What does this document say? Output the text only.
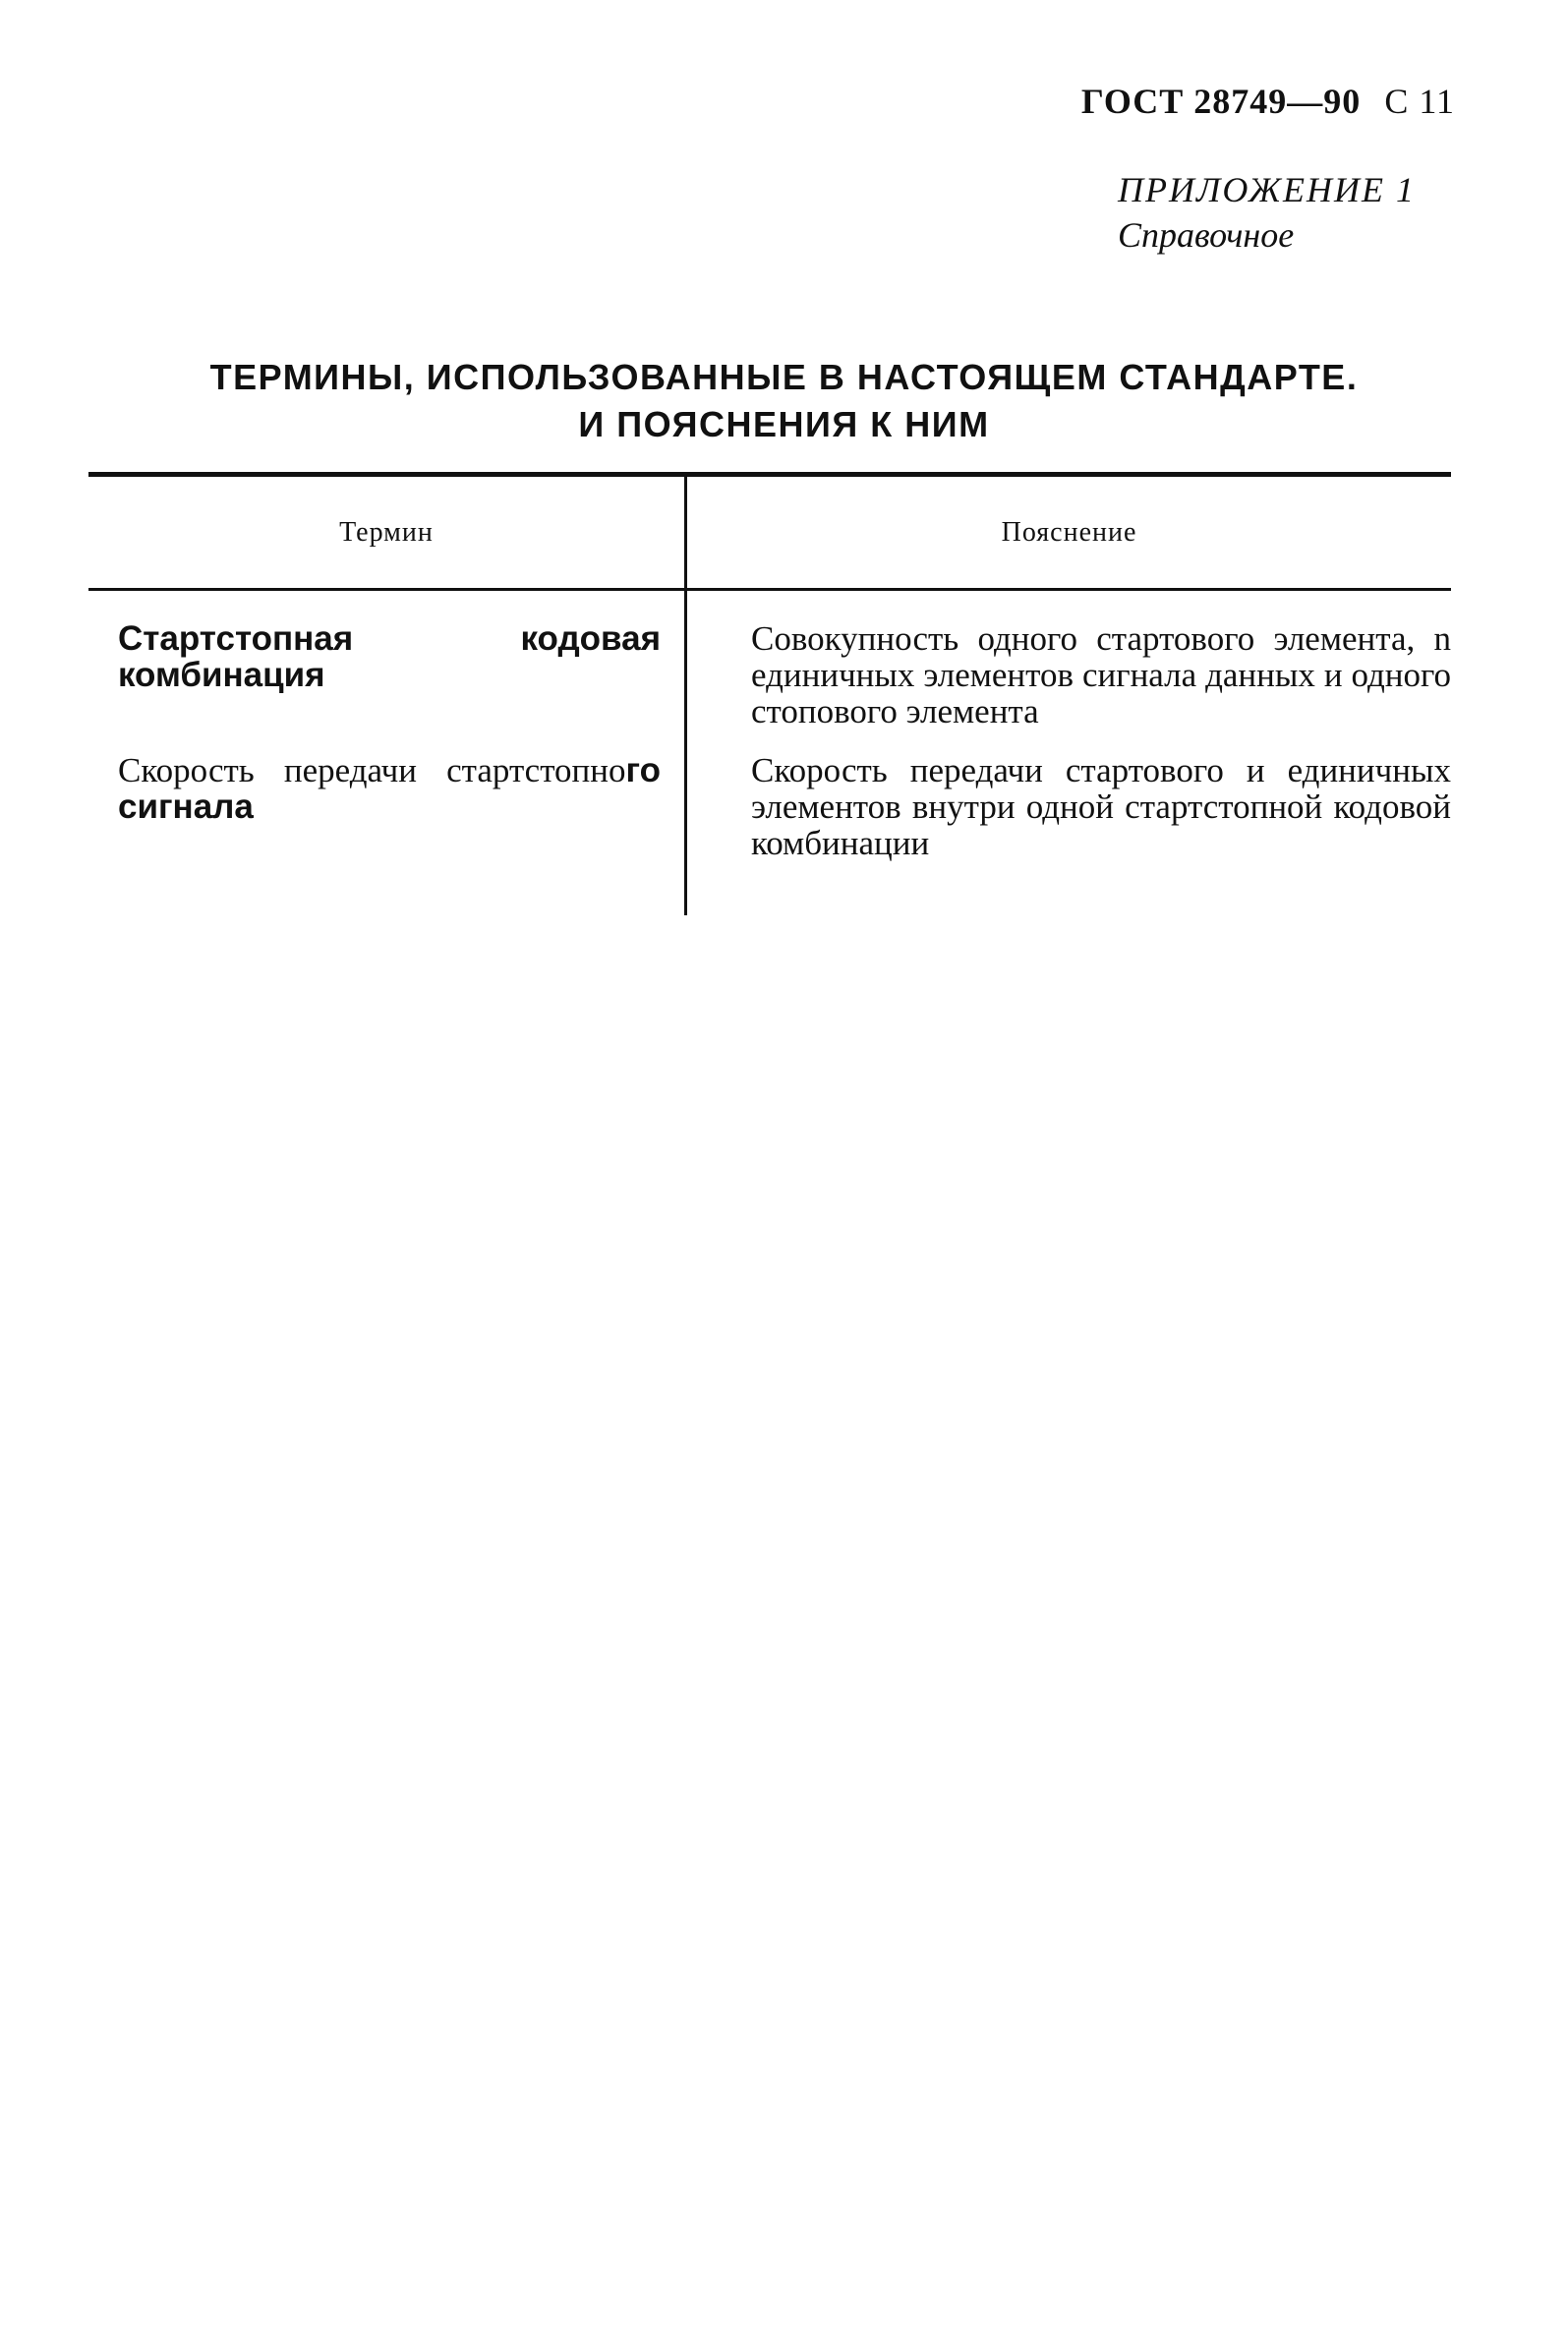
ГОСТ 28749—90 С 11
ПРИЛОЖЕНИЕ 1
Справочное
ТЕРМИНЫ, ИСПОЛЬЗОВАННЫЕ В НАСТОЯЩЕМ СТАНДАРТЕ.
И ПОЯСНЕНИЯ К НИМ
Термин	Пояснение
Стартстопная кодовая комбинация
Скорость передачи стартстопного сигнала
Совокупность одного стартового элемента, n единичных элементов сигнала данных и одного стопового элемента
Скорость передачи стартового и единичных элементов внутри одной стартстопной кодовой комбинации
